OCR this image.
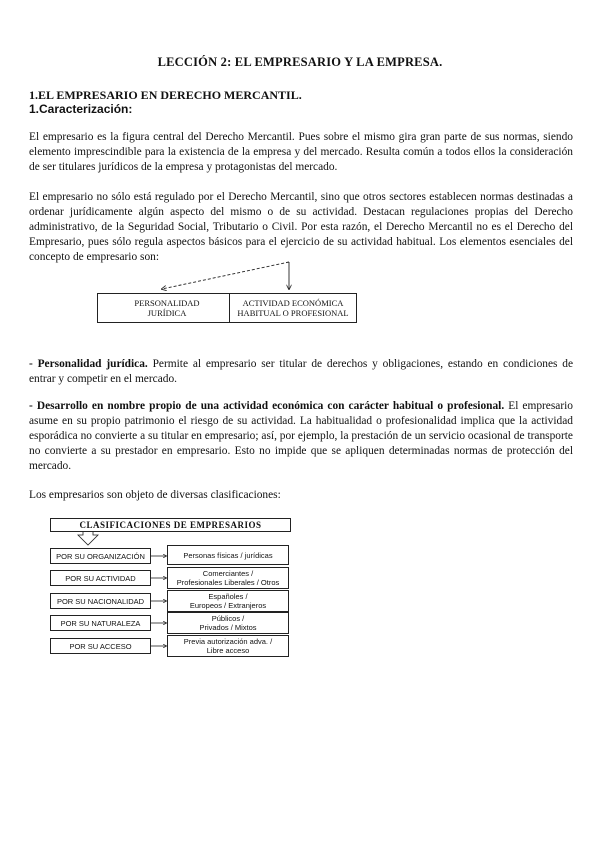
LECCIÓN 2: EL EMPRESARIO Y LA EMPRESA.
1.EL EMPRESARIO EN DERECHO MERCANTIL.
1.Caracterización:

El empresario es la figura central del Derecho Mercantil. Pues sobre el mismo gira gran parte de sus normas, siendo elemento imprescindible para la existencia de la empresa y del mercado. Resulta común a todos ellos la consideración de ser titulares jurídicos de la empresa y protagonistas del mercado.

El empresario no sólo está regulado por el Derecho Mercantil, sino que otros sectores establecen normas destinadas a ordenar jurídicamente algún aspecto del mismo o de su actividad. Destacan regulaciones propias del Derecho administrativo, de la Seguridad Social, Tributario o Civil. Por esta razón, el Derecho Mercantil no es el Derecho del Empresario, pues sólo regula aspectos básicos para el ejercicio de su actividad habitual. Los elementos esenciales del concepto de empresario son:

PERSONALIDAD
JURÍDICA
ACTIVIDAD ECONÓMICA
HABITUAL O PROFESIONAL

- Personalidad jurídica. Permite al empresario ser titular de derechos y obligaciones, estando en condiciones de entrar y competir en el mercado.

- Desarrollo en nombre propio de una actividad económica con carácter habitual o profesional. El empresario asume en su propio patrimonio el riesgo de su actividad. La habitualidad o profesionalidad implica que la actividad esporádica no convierte a su titular en empresario; así, por ejemplo, la prestación de un servicio ocasional de transporte no convierte a su prestador en empresario. Esto no impide que se apliquen determinadas normas de protección del mercado.

Los empresarios son objeto de diversas clasificaciones:

CLASIFICACIONES DE EMPRESARIOS
POR SU ORGANIZACIÓN	Personas físicas / jurídicas
POR SU ACTIVIDAD	Comerciantes /
Profesionales Liberales / Otros
POR SU NACIONALIDAD	Españoles /
Europeos / Extranjeros
POR SU NATURALEZA	Públicos /
Privados / Mixtos
POR SU ACCESO	Previa autorización adva. /
Libre acceso
